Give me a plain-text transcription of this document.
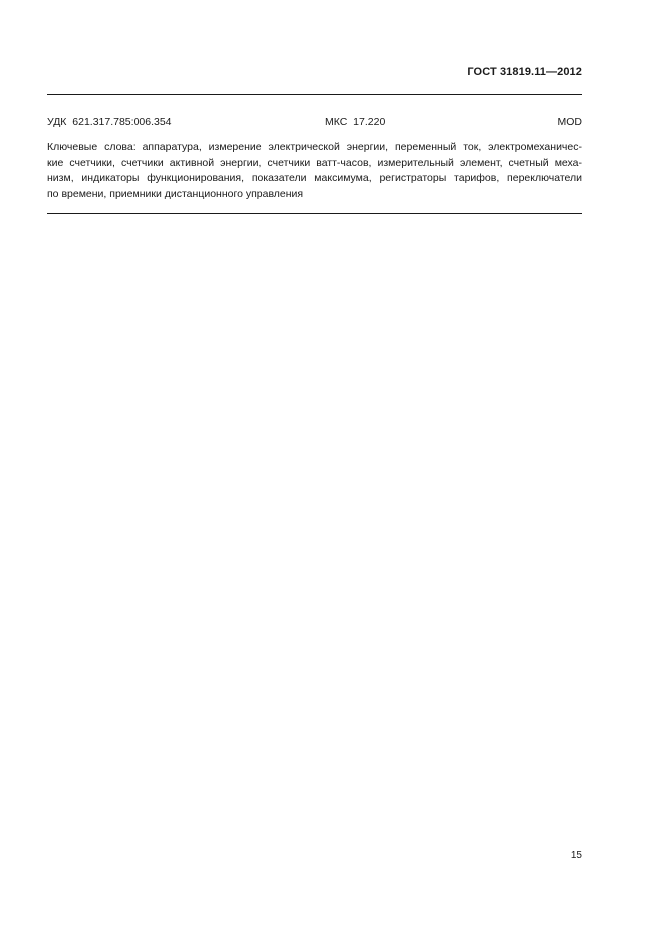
ГОСТ 31819.11—2012
УДК  621.317.785:006.354	МКС  17.220	MOD
Ключевые слова: аппаратура, измерение электрической энергии, переменный ток, электромеханичес-
кие счетчики, счетчики активной энергии, счетчики ватт-часов, измерительный элемент, счетный меха-
низм, индикаторы функционирования, показатели максимума, регистраторы тарифов, переключатели
по времени, приемники дистанционного управления
15
